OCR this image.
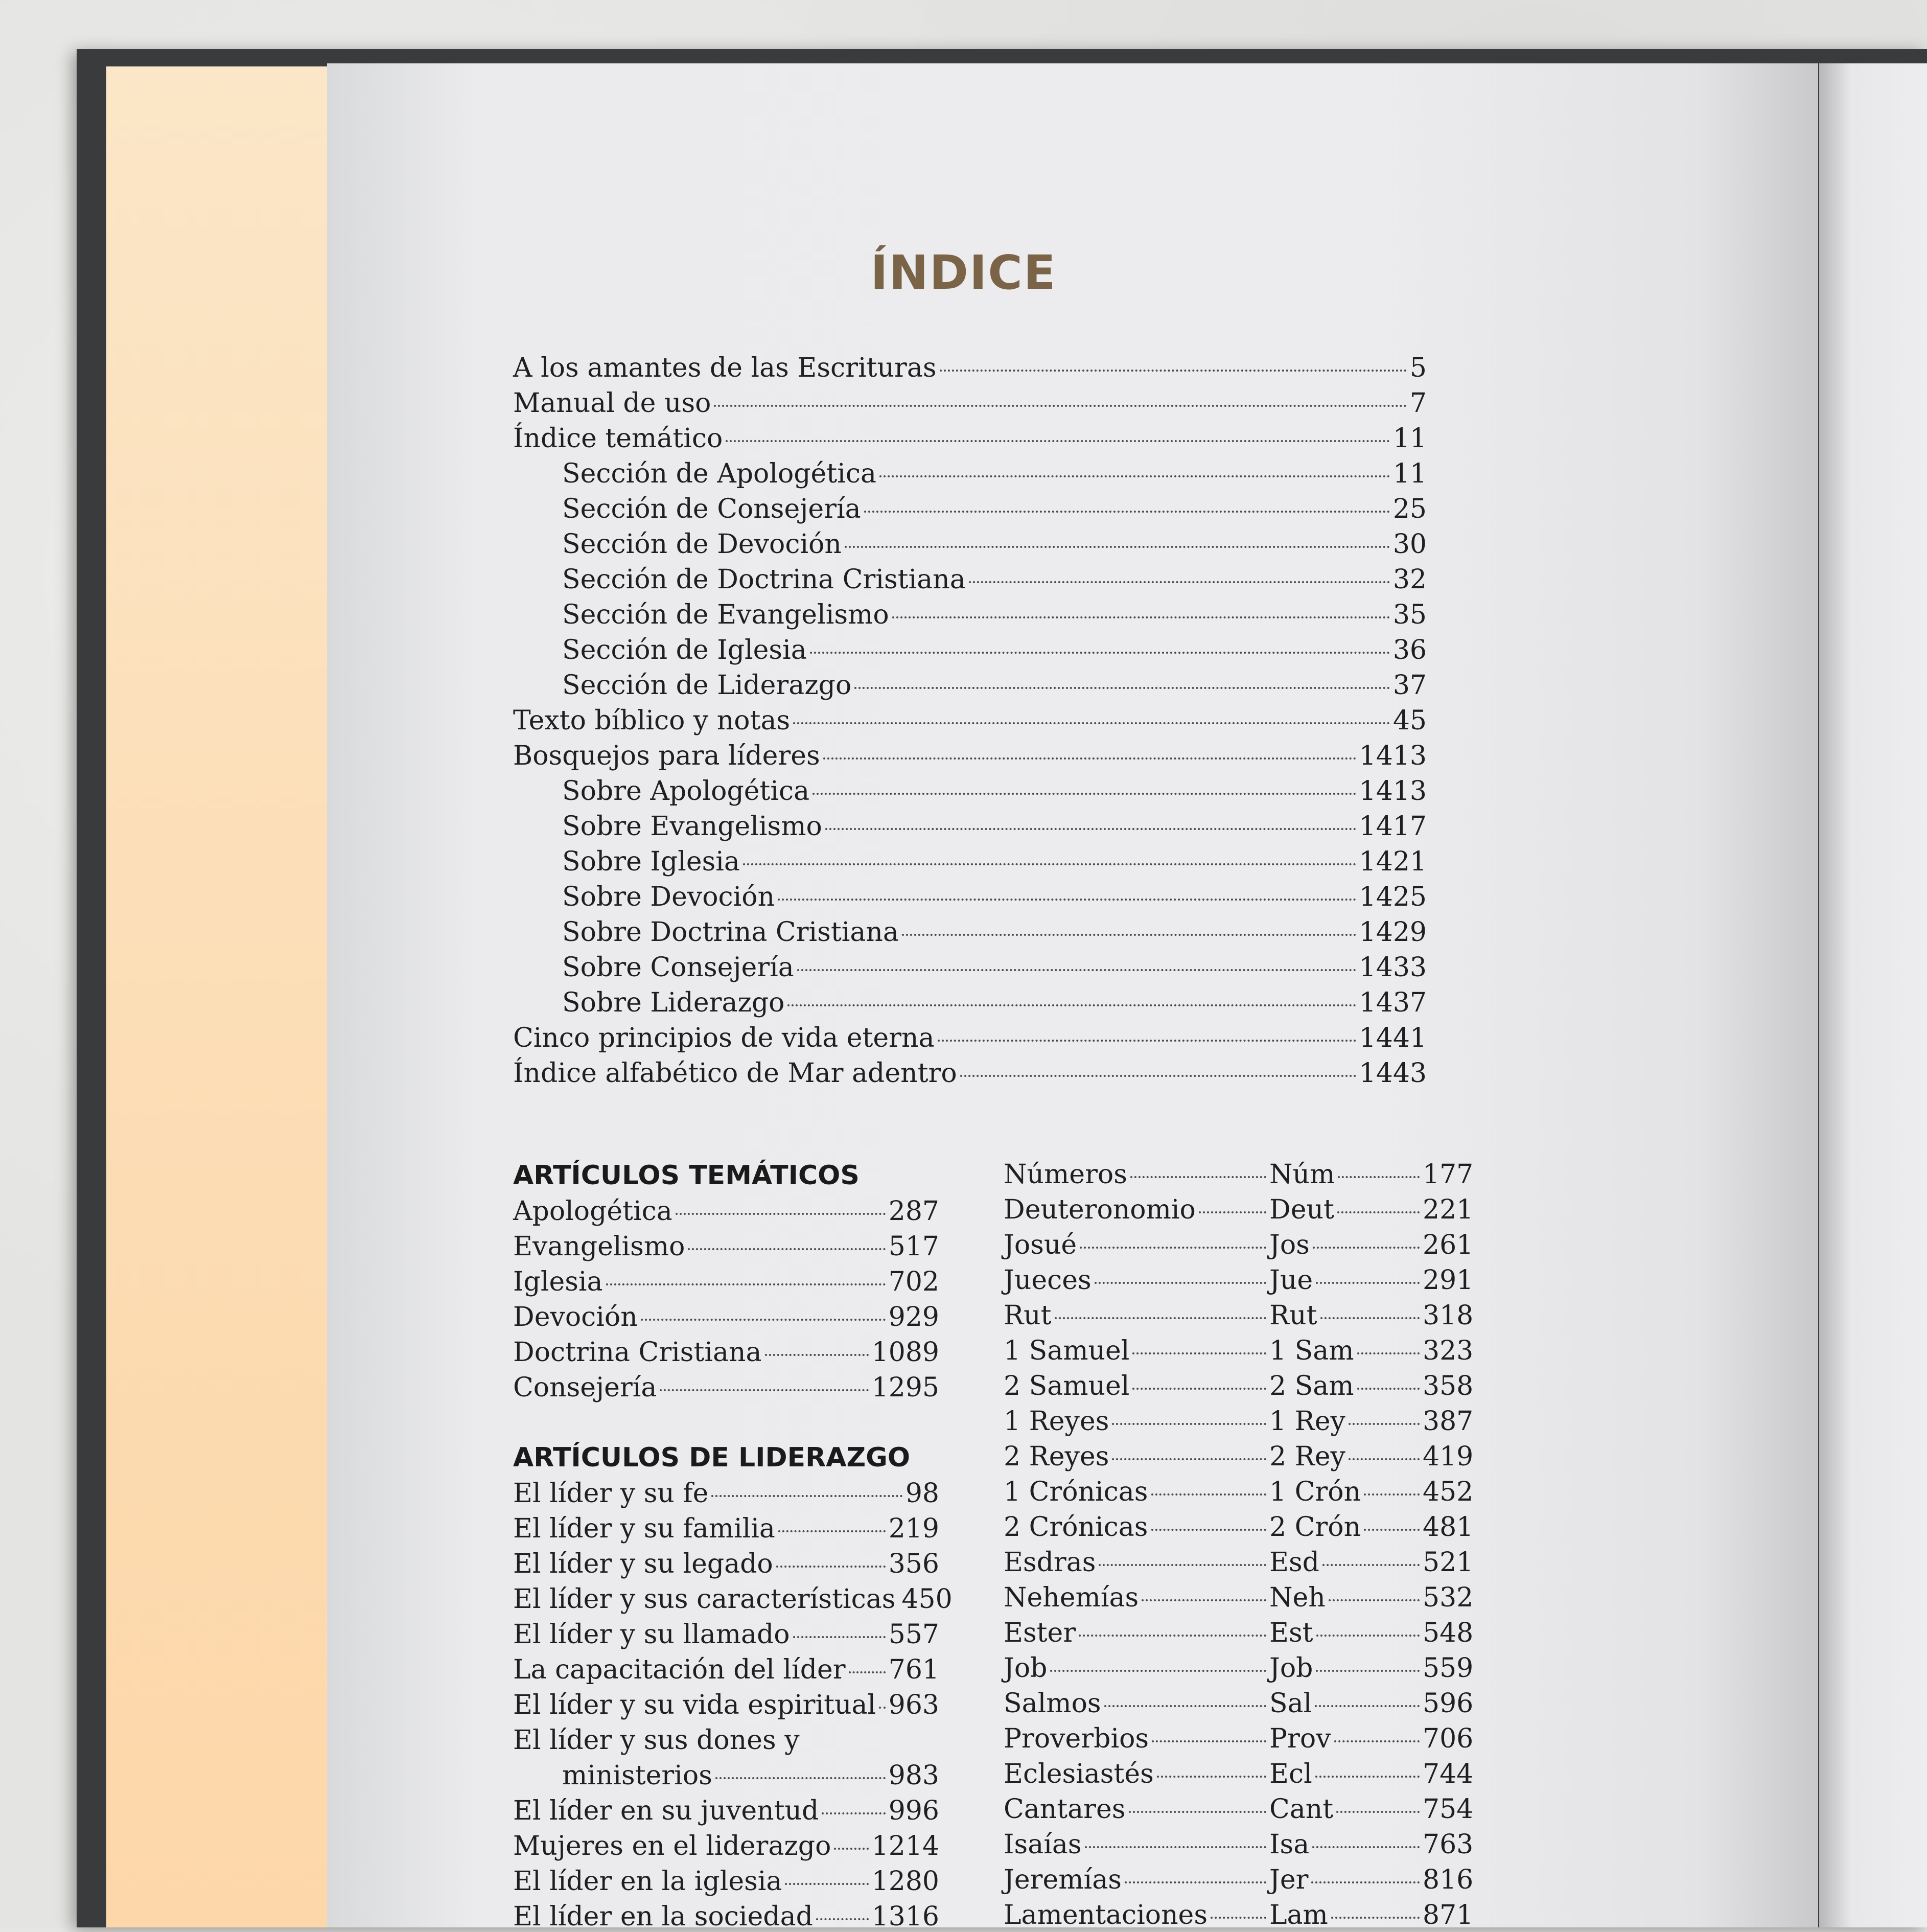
ÍNDICE
A los amantes de las Escrituras	5
Manual de uso	7
Índice temático	11
Sección de Apologética	11
Sección de Consejería	25
Sección de Devoción	30
Sección de Doctrina Cristiana	32
Sección de Evangelismo	35
Sección de Iglesia	36
Sección de Liderazgo	37
Texto bíblico y notas	45
Bosquejos para líderes	1413
Sobre Apologética	1413
Sobre Evangelismo	1417
Sobre Iglesia	1421
Sobre Devoción	1425
Sobre Doctrina Cristiana	1429
Sobre Consejería	1433
Sobre Liderazgo	1437
Cinco principios de vida eterna	1441
Índice alfabético de Mar adentro	1443
ARTÍCULOS TEMÁTICOS
Apologética	287
Evangelismo	517
Iglesia	702
Devoción	929
Doctrina Cristiana	1089
Consejería	1295
ARTÍCULOS DE LIDERAZGO
El líder y su fe	98
El líder y su familia	219
El líder y su legado	356
El líder y sus características 450
El líder y su llamado	557
La capacitación del líder 761
El líder y su vida espiritual 963
El líder y sus dones y
ministerios	983
El líder en su juventud	996
Mujeres en el liderazgo 1214
El líder en la iglesia	1280
El líder en la sociedad 1316
Números	Núm	177
Deuteronomio	Deut	221
Josué	Jos	261
Jueces	Jue	291
Rut	Rut	318
1 Samuel	1 Sam	323
2 Samuel	2 Sam	358
1 Reyes	1 Rey	387
2 Reyes	2 Rey	419
1 Crónicas	1 Crón 452
2 Crónicas	2 Crón 481
Esdras	Esd	521
Nehemías	Neh	532
Ester	Est	548
Job	Job	559
Salmos	Sal	596
Proverbios	Prov	706
Eclesiastés	Ecl	744
Cantares	Cant	754
Isaías	Isa	763
Jeremías	Jer	816
Lamentaciones Lam	871
